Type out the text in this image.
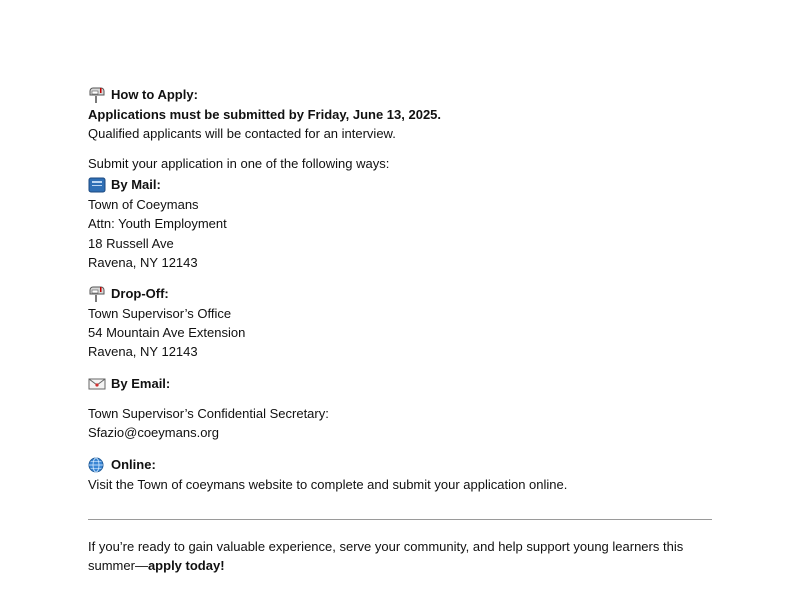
How to Apply:
Applications must be submitted by Friday, June 13, 2025.
Qualified applicants will be contacted for an interview.
Submit your application in one of the following ways:
By Mail:
Town of Coeymans
Attn: Youth Employment
18 Russell Ave
Ravena, NY 12143
Drop-Off:
Town Supervisor’s Office
54 Mountain Ave Extension
Ravena, NY 12143
By Email:
Town Supervisor’s Confidential Secretary:
Sfazio@coeymans.org
Online:
Visit the Town of coeymans website to complete and submit your application online.
If you’re ready to gain valuable experience, serve your community, and help support young learners this summer—apply today!
